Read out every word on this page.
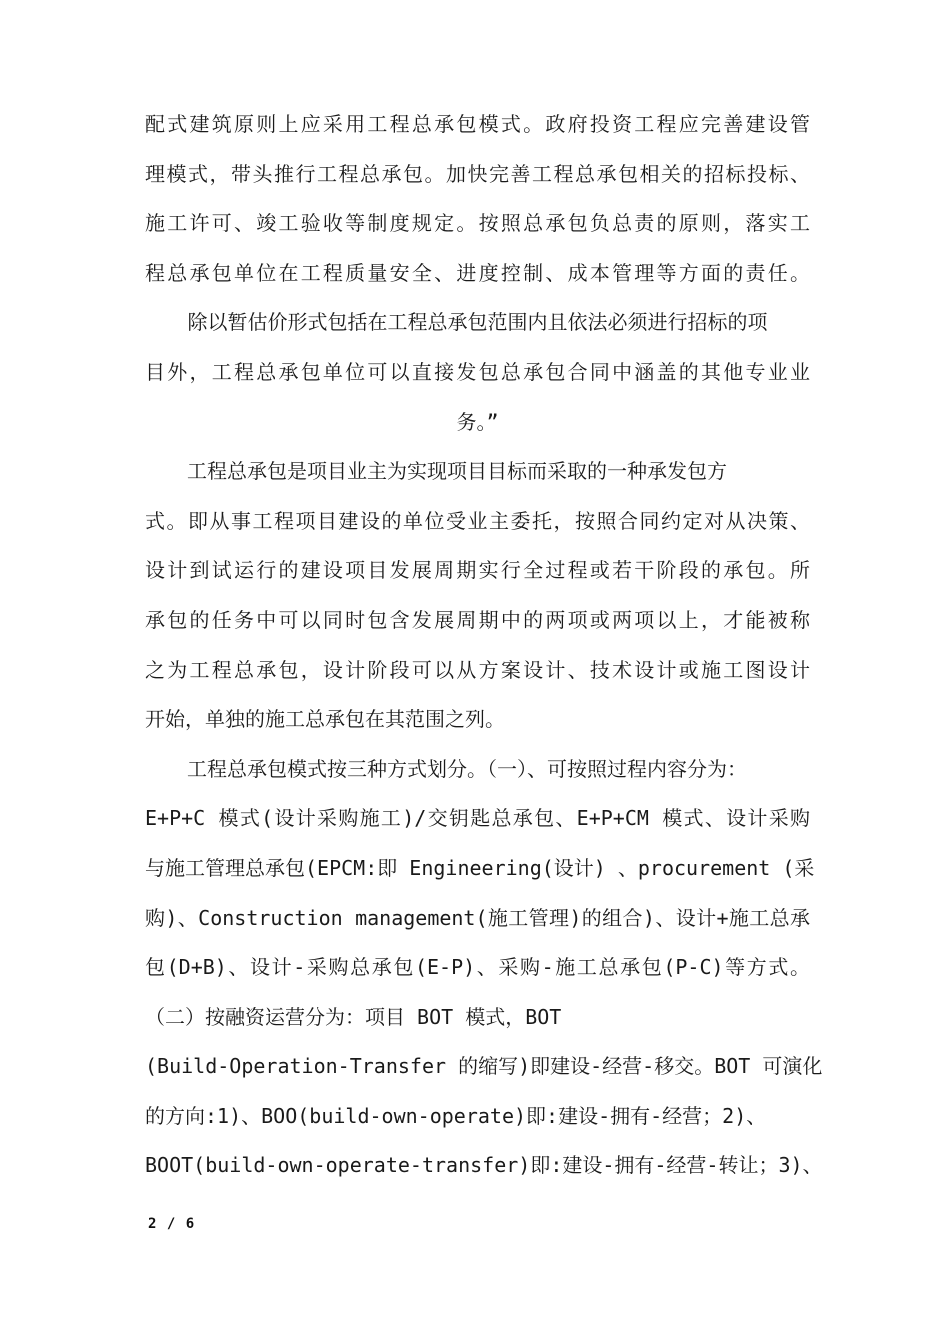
配式建筑原则上应采用工程总承包模式。政府投资工程应完善建设管
理模式，带头推行工程总承包。加快完善工程总承包相关的招标投标、
施工许可、竣工验收等制度规定。按照总承包负总责的原则，落实工
程总承包单位在工程质量安全、进度控制、成本管理等方面的责任。
除以暂估价形式包括在工程总承包范围内且依法必须进行招标的项
目外，工程总承包单位可以直接发包总承包合同中涵盖的其他专业业
务。”
工程总承包是项目业主为实现项目目标而采取的一种承发包方
式。即从事工程项目建设的单位受业主委托，按照合同约定对从决策、
设计到试运行的建设项目发展周期实行全过程或若干阶段的承包。所
承包的任务中可以同时包含发展周期中的两项或两项以上，才能被称
之为工程总承包，设计阶段可以从方案设计、技术设计或施工图设计
开始，单独的施工总承包在其范围之列。
工程总承包模式按三种方式划分。（一）、可按照过程内容分为：
E+P+C 模式(设计采购施工)/交钥匙总承包、E+P+CM 模式、设计采购
与施工管理总承包(EPCM:即 Engineering(设计) 、procurement (采
购)、Construction management(施工管理)的组合)、设计+施工总承
包(D+B)、设计-采购总承包(E-P)、采购-施工总承包(P-C)等方式。
（二）按融资运营分为：项目 BOT 模式，BOT
(Build-Operation-Transfer 的缩写)即建设-经营-移交。BOT 可演化
的方向:1)、BOO(build-own-operate)即:建设-拥有-经营；2)、
BOOT(build-own-operate-transfer)即:建设-拥有-经营-转让；3)、
2 / 6
